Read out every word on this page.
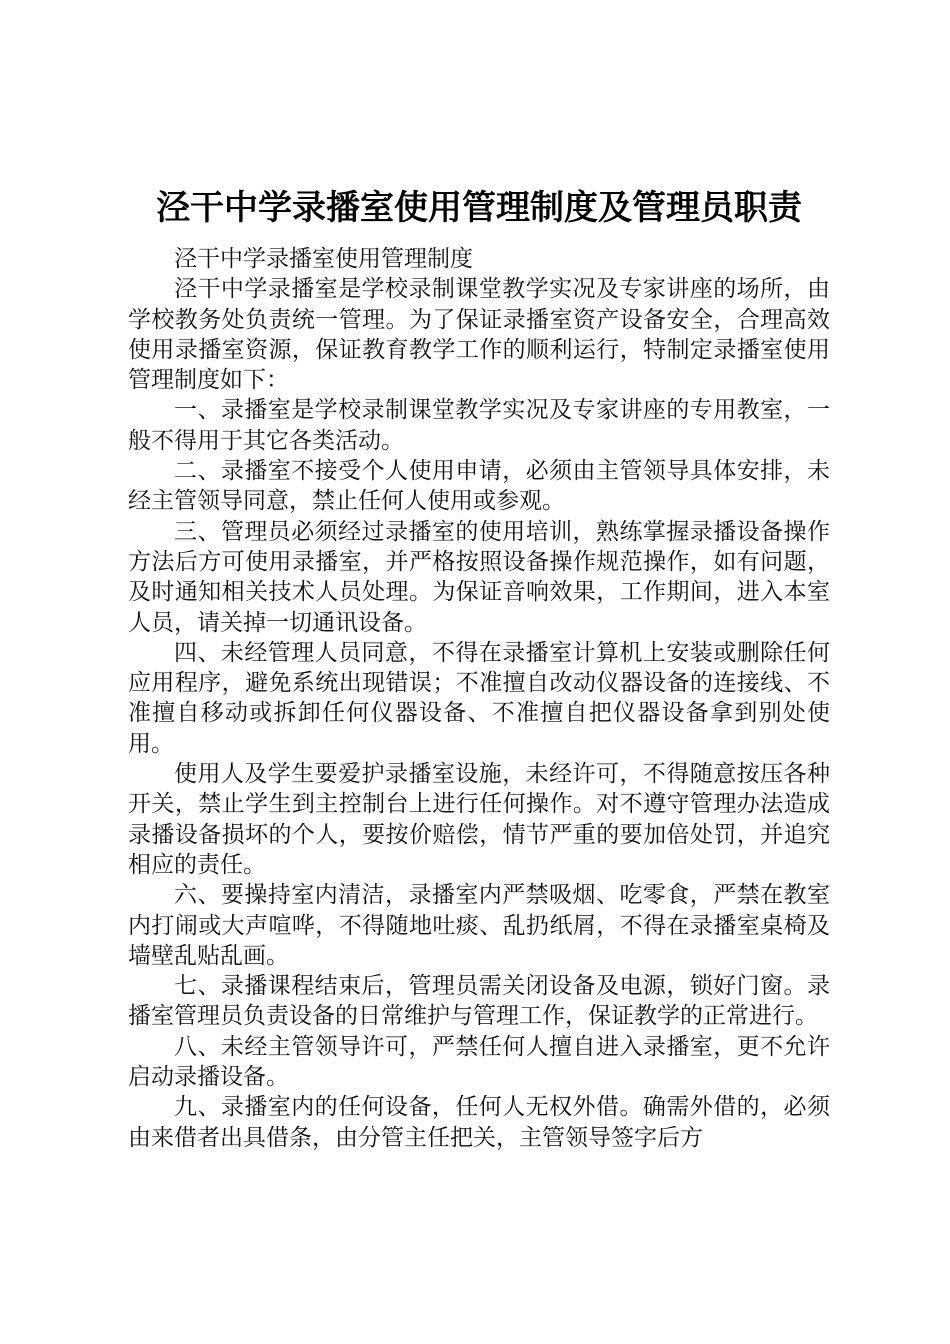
泾干中学录播室使用管理制度及管理员职责

泾干中学录播室使用管理制度

泾干中学录播室是学校录制课堂教学实况及专家讲座的场所，由学校教务处负责统一管理。为了保证录播室资产设备安全，合理高效使用录播室资源，保证教育教学工作的顺利运行，特制定录播室使用管理制度如下：

一、录播室是学校录制课堂教学实况及专家讲座的专用教室，一般不得用于其它各类活动。

二、录播室不接受个人使用申请，必须由主管领导具体安排，未经主管领导同意，禁止任何人使用或参观。

三、管理员必须经过录播室的使用培训，熟练掌握录播设备操作方法后方可使用录播室，并严格按照设备操作规范操作，如有问题，及时通知相关技术人员处理。为保证音响效果，工作期间，进入本室人员，请关掉一切通讯设备。

四、未经管理人员同意，不得在录播室计算机上安装或删除任何应用程序，避免系统出现错误；不准擅自改动仪器设备的连接线、不准擅自移动或拆卸任何仪器设备、不准擅自把仪器设备拿到别处使用。

使用人及学生要爱护录播室设施，未经许可，不得随意按压各种开关，禁止学生到主控制台上进行任何操作。对不遵守管理办法造成录播设备损坏的个人，要按价赔偿，情节严重的要加倍处罚，并追究相应的责任。

六、要操持室内清洁，录播室内严禁吸烟、吃零食，严禁在教室内打闹或大声喧哗，不得随地吐痰、乱扔纸屑，不得在录播室桌椅及墙壁乱贴乱画。

七、录播课程结束后，管理员需关闭设备及电源，锁好门窗。录播室管理员负责设备的日常维护与管理工作，保证教学的正常进行。

八、未经主管领导许可，严禁任何人擅自进入录播室，更不允许启动录播设备。

九、录播室内的任何设备，任何人无权外借。确需外借的，必须由来借者出具借条，由分管主任把关，主管领导签字后方
